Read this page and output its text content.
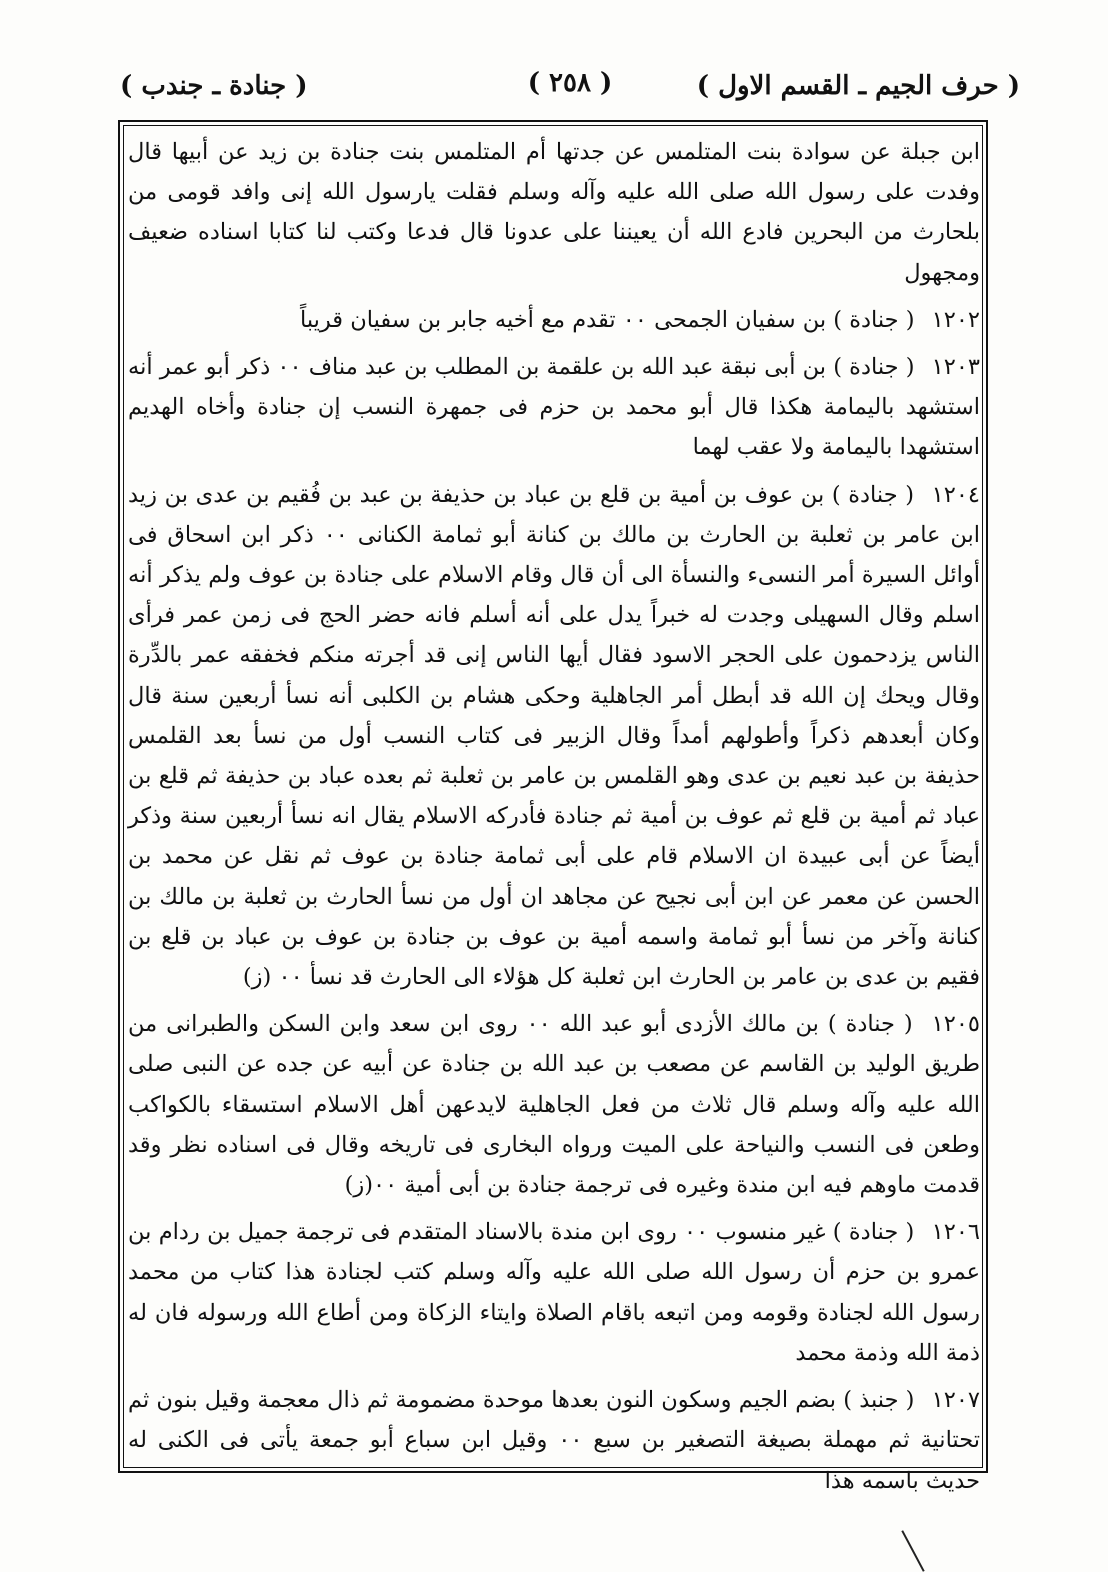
( حرف الجيم ـ القسم الاول )
( ٢٥٨ )
( جنادة ـ جندب )

ابن جبلة عن سوادة بنت المتلمس عن جدتها أم المتلمس بنت جنادة بن زيد عن أبيها قال وفدت على رسول الله صلى الله عليه وآله وسلم فقلت يارسول الله إنى وافد قومى من بلحارث من البحرين فادع الله أن يعيننا على عدونا قال فدعا وكتب لنا كتابا اسناده ضعيف ومجهول

١٢٠٢ ( جنادة ) بن سفيان الجمحى ٠٠ تقدم مع أخيه جابر بن سفيان قريباً

١٢٠٣ ( جنادة ) بن أبى نبقة عبد الله بن علقمة بن المطلب بن عبد مناف ٠٠ ذكر أبو عمر أنه استشهد باليمامة هكذا قال أبو محمد بن حزم فى جمهرة النسب إن جنادة وأخاه الهديم استشهدا باليمامة ولا عقب لهما

١٢٠٤ ( جنادة ) بن عوف بن أمية بن قلع بن عباد بن حذيفة بن عبد بن فُقيم بن عدى بن زيد ابن عامر بن ثعلبة بن الحارث بن مالك بن كنانة أبو ثمامة الكنانى ٠٠ ذكر ابن اسحاق فى أوائل السيرة أمر النسىء والنسأة الى أن قال وقام الاسلام على جنادة بن عوف ولم يذكر أنه اسلم وقال السهيلى وجدت له خبراً يدل على أنه أسلم فانه حضر الحج فى زمن عمر فرأى الناس يزدحمون على الحجر الاسود فقال أيها الناس إنى قد أجرته منكم فخفقه عمر بالدِّرة وقال ويحك إن الله قد أبطل أمر الجاهلية وحكى هشام بن الكلبى أنه نسأ أربعين سنة قال وكان أبعدهم ذكراً وأطولهم أمداً وقال الزبير فى كتاب النسب أول من نسأ بعد القلمس حذيفة بن عبد نعيم بن عدى وهو القلمس بن عامر بن ثعلبة ثم بعده عباد بن حذيفة ثم قلع بن عباد ثم أمية بن قلع ثم عوف بن أمية ثم جنادة فأدركه الاسلام يقال انه نسأ أربعين سنة وذكر أيضاً عن أبى عبيدة ان الاسلام قام على أبى ثمامة جنادة بن عوف ثم نقل عن محمد بن الحسن عن معمر عن ابن أبى نجيح عن مجاهد ان أول من نسأ الحارث بن ثعلبة بن مالك بن كنانة وآخر من نسأ أبو ثمامة واسمه أمية بن عوف بن جنادة بن عوف بن عباد بن قلع بن فقيم بن عدى بن عامر بن الحارث ابن ثعلبة كل هؤلاء الى الحارث قد نسأ ٠٠ (ز)

١٢٠٥ ( جنادة ) بن مالك الأزدى أبو عبد الله ٠٠ روى ابن سعد وابن السكن والطبرانى من طريق الوليد بن القاسم عن مصعب بن عبد الله بن جنادة عن أبيه عن جده عن النبى صلى الله عليه وآله وسلم قال ثلاث من فعل الجاهلية لايدعهن أهل الاسلام استسقاء بالكواكب وطعن فى النسب والنياحة على الميت ورواه البخارى فى تاريخه وقال فى اسناده نظر وقد قدمت ماوهم فيه ابن مندة وغيره فى ترجمة جنادة بن أبى أمية ٠٠(ز)

١٢٠٦ ( جنادة ) غير منسوب ٠٠ روى ابن مندة بالاسناد المتقدم فى ترجمة جميل بن ردام بن عمرو بن حزم أن رسول الله صلى الله عليه وآله وسلم كتب لجنادة هذا كتاب من محمد رسول الله لجنادة وقومه ومن اتبعه باقام الصلاة وايتاء الزكاة ومن أطاع الله ورسوله فان له ذمة الله وذمة محمد

١٢٠٧ ( جنبذ ) بضم الجيم وسكون النون بعدها موحدة مضمومة ثم ذال معجمة وقيل بنون ثم تحتانية ثم مهملة بصيغة التصغير بن سبع ٠٠ وقيل ابن سباع أبو جمعة يأتى فى الكنى له حديث باسمه هذا
